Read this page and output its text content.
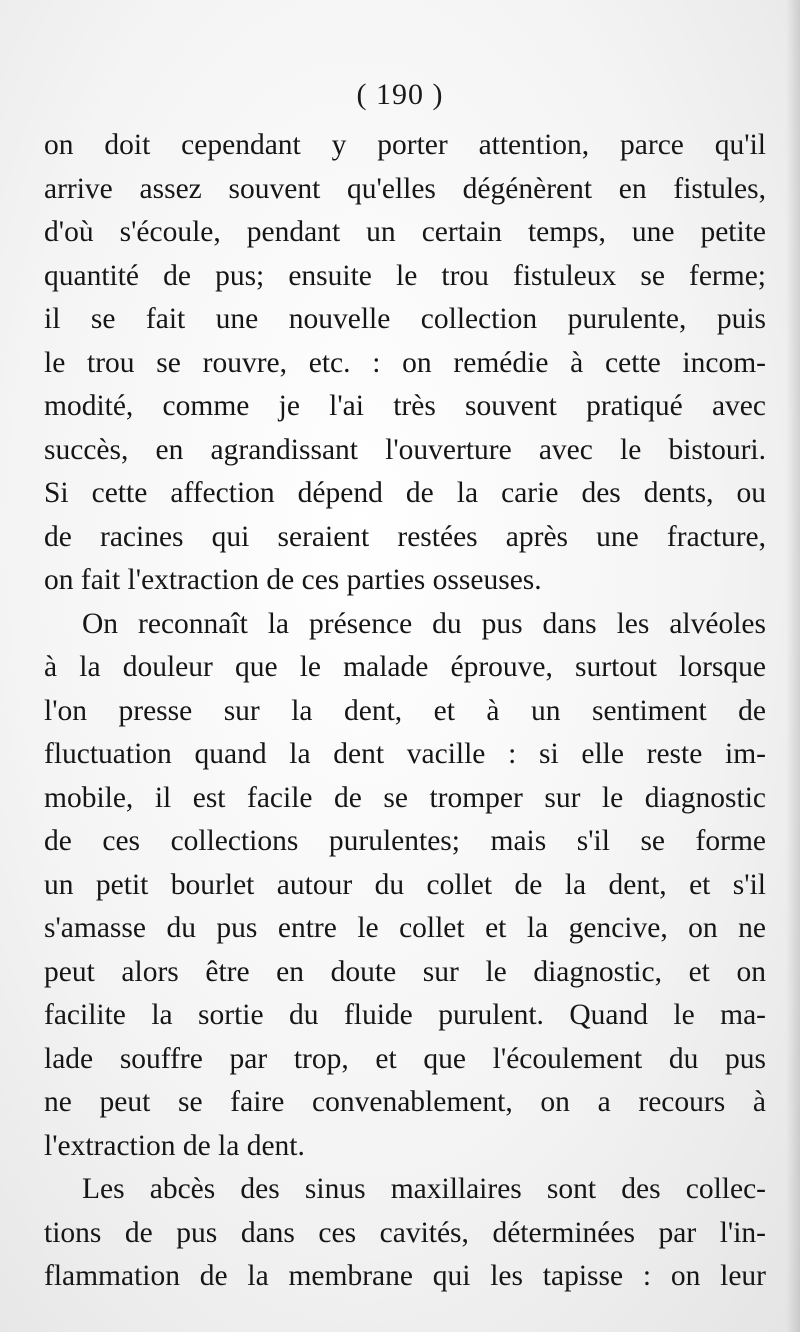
( 190 )
on doit cependant y porter attention, parce qu'il
arrive assez souvent qu'elles dégénèrent en fistules,
d'où s'écoule, pendant un certain temps, une petite
quantité de pus; ensuite le trou fistuleux se ferme;
il se fait une nouvelle collection purulente, puis
le trou se rouvre, etc. : on remédie à cette incom-
modité, comme je l'ai très souvent pratiqué avec
succès, en agrandissant l'ouverture avec le bistouri.
Si cette affection dépend de la carie des dents, ou
de racines qui seraient restées après une fracture,
on fait l'extraction de ces parties osseuses.
On reconnaît la présence du pus dans les alvéoles
à la douleur que le malade éprouve, surtout lorsque
l'on presse sur la dent, et à un sentiment de
fluctuation quand la dent vacille : si elle reste im-
mobile, il est facile de se tromper sur le diagnostic
de ces collections purulentes; mais s'il se forme
un petit bourlet autour du collet de la dent, et s'il
s'amasse du pus entre le collet et la gencive, on ne
peut alors être en doute sur le diagnostic, et on
facilite la sortie du fluide purulent. Quand le ma-
lade souffre par trop, et que l'écoulement du pus
ne peut se faire convenablement, on a recours à
l'extraction de la dent.
Les abcès des sinus maxillaires sont des collec-
tions de pus dans ces cavités, déterminées par l'in-
flammation de la membrane qui les tapisse : on leur
